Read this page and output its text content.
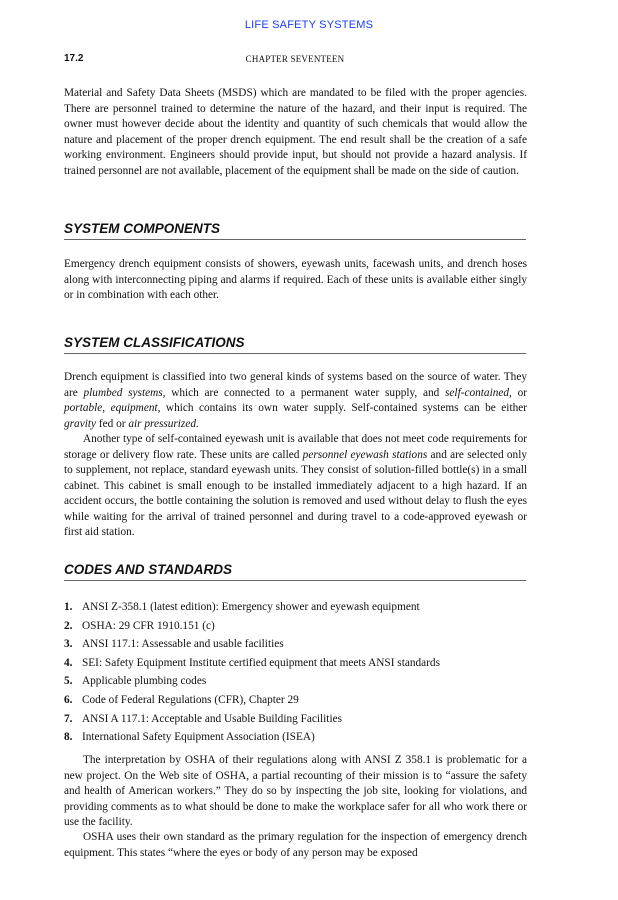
LIFE SAFETY SYSTEMS
17.2	CHAPTER SEVENTEEN

Material and Safety Data Sheets (MSDS) which are mandated to be filed with the proper agencies. There are personnel trained to determine the nature of the hazard, and their input is required. The owner must however decide about the identity and quantity of such chemicals that would allow the nature and placement of the proper drench equipment. The end result shall be the creation of a safe working environment. Engineers should provide input, but should not provide a hazard analysis. If trained personnel are not available, placement of the equipment shall be made on the side of caution.

SYSTEM COMPONENTS

Emergency drench equipment consists of showers, eyewash units, facewash units, and drench hoses along with interconnecting piping and alarms if required. Each of these units is available either singly or in combination with each other.

SYSTEM CLASSIFICATIONS

Drench equipment is classified into two general kinds of systems based on the source of water. They are plumbed systems, which are connected to a permanent water supply, and self-contained, or portable, equipment, which contains its own water supply. Self-contained systems can be either gravity fed or air pressurized.

Another type of self-contained eyewash unit is available that does not meet code requirements for storage or delivery flow rate. These units are called personnel eyewash stations and are selected only to supplement, not replace, standard eyewash units. They consist of solution-filled bottle(s) in a small cabinet. This cabinet is small enough to be installed immediately adjacent to a high hazard. If an accident occurs, the bottle containing the solution is removed and used without delay to flush the eyes while waiting for the arrival of trained personnel and during travel to a code-approved eyewash or first aid station.

CODES AND STANDARDS
1. ANSI Z-358.1 (latest edition): Emergency shower and eyewash equipment
2. OSHA: 29 CFR 1910.151 (c)
3. ANSI 117.1: Assessable and usable facilities
4. SEI: Safety Equipment Institute certified equipment that meets ANSI standards
5. Applicable plumbing codes
6. Code of Federal Regulations (CFR), Chapter 29
7. ANSI A 117.1: Acceptable and Usable Building Facilities
8. International Safety Equipment Association (ISEA)

The interpretation by OSHA of their regulations along with ANSI Z 358.1 is problematic for a new project. On the Web site of OSHA, a partial recounting of their mission is to “assure the safety and health of American workers.” They do so by inspecting the job site, looking for violations, and providing comments as to what should be done to make the workplace safer for all who work there or use the facility.

OSHA uses their own standard as the primary regulation for the inspection of emergency drench equipment. This states “where the eyes or body of any person may be exposed
